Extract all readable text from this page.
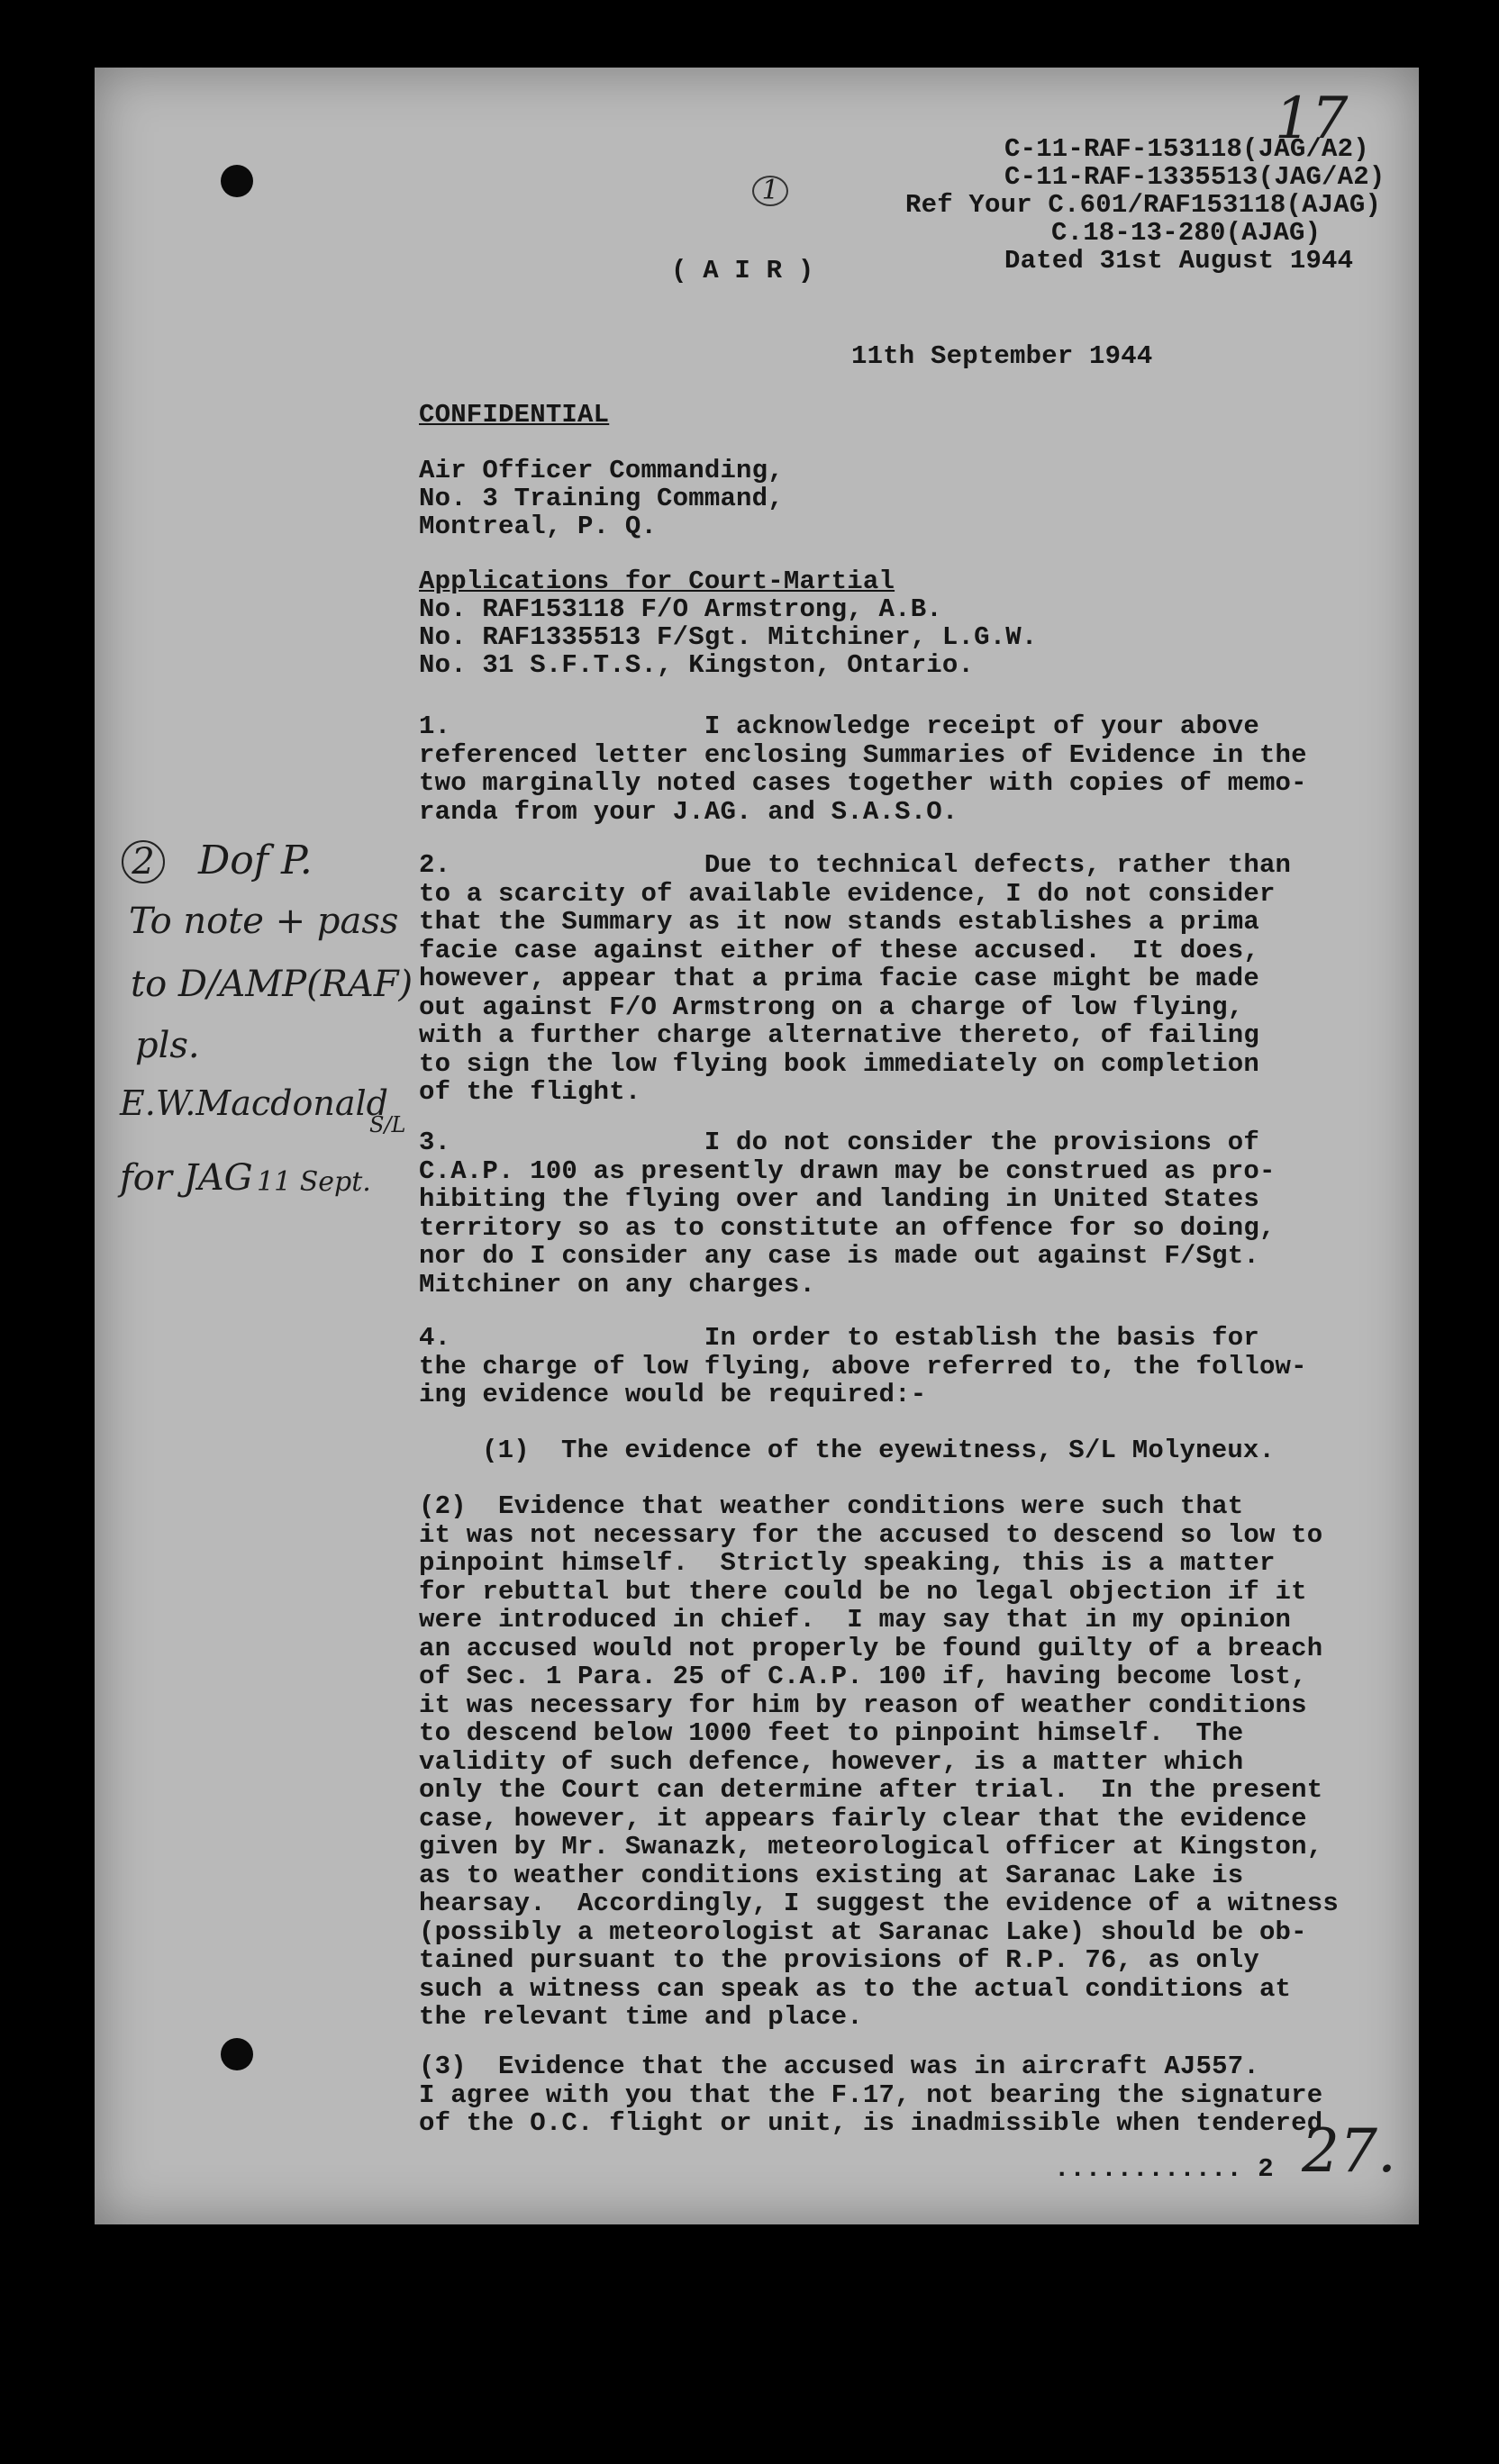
C-11-RAF-153118(JAG/A2)
C-11-RAF-1335513(JAG/A2)
Ref Your C.601/RAF153118(AJAG)
C.18-13-280(AJAG)
Dated 31st August 1944
17
1
( A I R )
11th September 1944
CONFIDENTIAL
Air Officer Commanding,
No. 3 Training Command,
Montreal, P. Q.
Applications for Court-Martial
No. RAF153118 F/O Armstrong, A.B.
No. RAF1335513 F/Sgt. Mitchiner, L.G.W.
No. 31 S.F.T.S., Kingston, Ontario.
1.                I acknowledge receipt of your above
referenced letter enclosing Summaries of Evidence in the
two marginally noted cases together with copies of memo-
randa from your J.AG. and S.A.S.O.
2.                Due to technical defects, rather than
to a scarcity of available evidence, I do not consider
that the Summary as it now stands establishes a prima
facie case against either of these accused.  It does,
however, appear that a prima facie case might be made
out against F/O Armstrong on a charge of low flying,
with a further charge alternative thereto, of failing
to sign the low flying book immediately on completion
of the flight.
3.                I do not consider the provisions of
C.A.P. 100 as presently drawn may be construed as pro-
hibiting the flying over and landing in United States
territory so as to constitute an offence for so doing,
nor do I consider any case is made out against F/Sgt.
Mitchiner on any charges.
4.                In order to establish the basis for
the charge of low flying, above referred to, the follow-
ing evidence would be required:-
(1)  The evidence of the eyewitness, S/L Molyneux.
(2)  Evidence that weather conditions were such that
it was not necessary for the accused to descend so low to
pinpoint himself.  Strictly speaking, this is a matter
for rebuttal but there could be no legal objection if it
were introduced in chief.  I may say that in my opinion
an accused would not properly be found guilty of a breach
of Sec. 1 Para. 25 of C.A.P. 100 if, having become lost,
it was necessary for him by reason of weather conditions
to descend below 1000 feet to pinpoint himself.  The
validity of such defence, however, is a matter which
only the Court can determine after trial.  In the present
case, however, it appears fairly clear that the evidence
given by Mr. Swanazk, meteorological officer at Kingston,
as to weather conditions existing at Saranac Lake is
hearsay.  Accordingly, I suggest the evidence of a witness
(possibly a meteorologist at Saranac Lake) should be ob-
tained pursuant to the provisions of R.P. 76, as only
such a witness can speak as to the actual conditions at
the relevant time and place.
(3)  Evidence that the accused was in aircraft AJ557.
I agree with you that the F.17, not bearing the signature
of the O.C. flight or unit, is inadmissible when tendered
............ 2 27.
2 Dof P.
To note + pass
to D/AMP(RAF)
pls.
E.W.Macdonald
S/L
for JAG 11 Sept.
